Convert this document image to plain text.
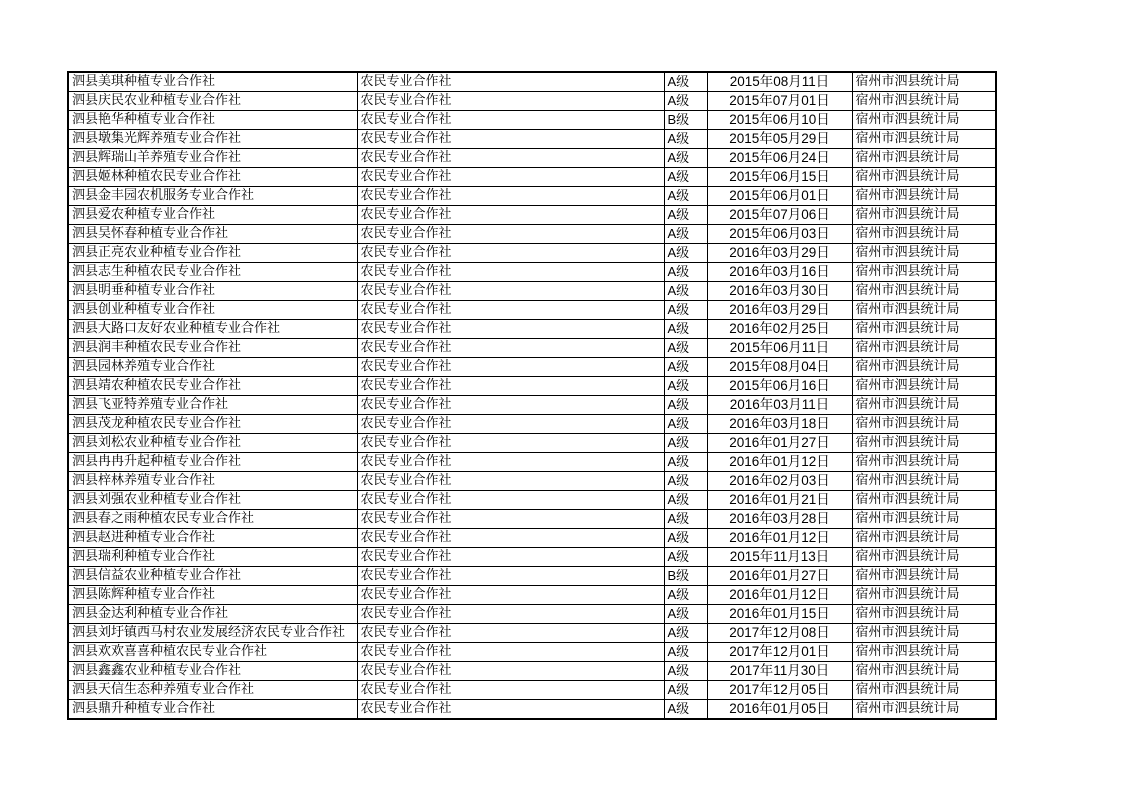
泗县美琪种植专业合作社	农民专业合作社	A级	2015年08月11日	宿州市泗县统计局
泗县庆民农业种植专业合作社	农民专业合作社	A级	2015年07月01日	宿州市泗县统计局
泗县艳华种植专业合作社	农民专业合作社	B级	2015年06月10日	宿州市泗县统计局
泗县墩集光辉养殖专业合作社	农民专业合作社	A级	2015年05月29日	宿州市泗县统计局
泗县辉瑞山羊养殖专业合作社	农民专业合作社	A级	2015年06月24日	宿州市泗县统计局
泗县姬林种植农民专业合作社	农民专业合作社	A级	2015年06月15日	宿州市泗县统计局
泗县金丰园农机服务专业合作社	农民专业合作社	A级	2015年06月01日	宿州市泗县统计局
泗县爱农种植专业合作社	农民专业合作社	A级	2015年07月06日	宿州市泗县统计局
泗县吴怀春种植专业合作社	农民专业合作社	A级	2015年06月03日	宿州市泗县统计局
泗县正亮农业种植专业合作社	农民专业合作社	A级	2016年03月29日	宿州市泗县统计局
泗县志生种植农民专业合作社	农民专业合作社	A级	2016年03月16日	宿州市泗县统计局
泗县明垂种植专业合作社	农民专业合作社	A级	2016年03月30日	宿州市泗县统计局
泗县创业种植专业合作社	农民专业合作社	A级	2016年03月29日	宿州市泗县统计局
泗县大路口友好农业种植专业合作社	农民专业合作社	A级	2016年02月25日	宿州市泗县统计局
泗县润丰种植农民专业合作社	农民专业合作社	A级	2015年06月11日	宿州市泗县统计局
泗县园林养殖专业合作社	农民专业合作社	A级	2015年08月04日	宿州市泗县统计局
泗县靖农种植农民专业合作社	农民专业合作社	A级	2015年06月16日	宿州市泗县统计局
泗县飞亚特养殖专业合作社	农民专业合作社	A级	2016年03月11日	宿州市泗县统计局
泗县茂龙种植农民专业合作社	农民专业合作社	A级	2016年03月18日	宿州市泗县统计局
泗县刘松农业种植专业合作社	农民专业合作社	A级	2016年01月27日	宿州市泗县统计局
泗县冉冉升起种植专业合作社	农民专业合作社	A级	2016年01月12日	宿州市泗县统计局
泗县梓林养殖专业合作社	农民专业合作社	A级	2016年02月03日	宿州市泗县统计局
泗县刘强农业种植专业合作社	农民专业合作社	A级	2016年01月21日	宿州市泗县统计局
泗县春之雨种植农民专业合作社	农民专业合作社	A级	2016年03月28日	宿州市泗县统计局
泗县赵进种植专业合作社	农民专业合作社	A级	2016年01月12日	宿州市泗县统计局
泗县瑞利种植专业合作社	农民专业合作社	A级	2015年11月13日	宿州市泗县统计局
泗县信益农业种植专业合作社	农民专业合作社	B级	2016年01月27日	宿州市泗县统计局
泗县陈辉种植专业合作社	农民专业合作社	A级	2016年01月12日	宿州市泗县统计局
泗县金达利种植专业合作社	农民专业合作社	A级	2016年01月15日	宿州市泗县统计局
泗县刘圩镇西马村农业发展经济农民专业合作社	农民专业合作社	A级	2017年12月08日	宿州市泗县统计局
泗县欢欢喜喜种植农民专业合作社	农民专业合作社	A级	2017年12月01日	宿州市泗县统计局
泗县鑫鑫农业种植专业合作社	农民专业合作社	A级	2017年11月30日	宿州市泗县统计局
泗县天信生态种养殖专业合作社	农民专业合作社	A级	2017年12月05日	宿州市泗县统计局
泗县鼎升种植专业合作社	农民专业合作社	A级	2016年01月05日	宿州市泗县统计局
